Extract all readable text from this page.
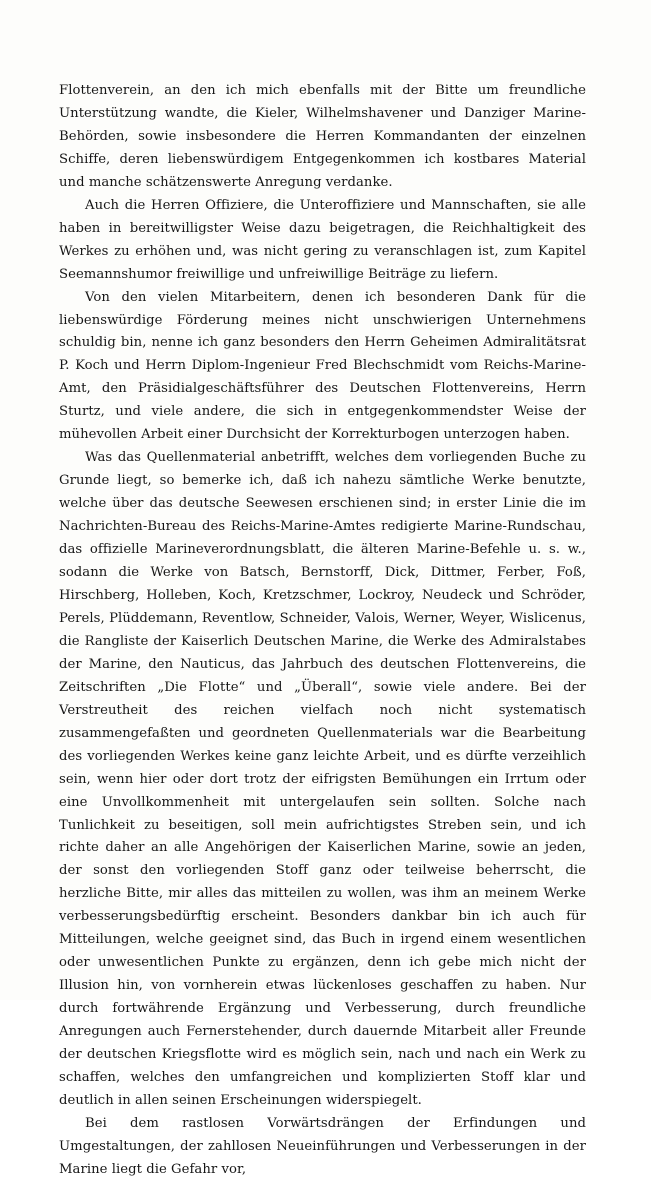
Flottenverein, an den ich mich ebenfalls mit der Bitte um freundliche Unterstützung wandte, die Kieler, Wilhelmshavener und Danziger Marine-Behörden, sowie insbesondere die Herren Kommandanten der einzelnen Schiffe, deren liebenswürdigem Entgegenkommen ich kostbares Material und manche schätzenswerte Anregung verdanke.

Auch die Herren Offiziere, die Unteroffiziere und Mannschaften, sie alle haben in bereitwilligster Weise dazu beigetragen, die Reichhaltigkeit des Werkes zu erhöhen und, was nicht gering zu veranschlagen ist, zum Kapitel Seemannshumor freiwillige und unfreiwillige Beiträge zu liefern.

Von den vielen Mitarbeitern, denen ich besonderen Dank für die liebenswürdige Förderung meines nicht unschwierigen Unternehmens schuldig bin, nenne ich ganz besonders den Herrn Geheimen Admiralitätsrat P. Koch und Herrn Diplom-Ingenieur Fred Blechschmidt vom Reichs-Marine-Amt, den Präsidialgeschäftsführer des Deutschen Flottenvereins, Herrn Sturtz, und viele andere, die sich in entgegenkommendster Weise der mühevollen Arbeit einer Durchsicht der Korrekturbogen unterzogen haben.

Was das Quellenmaterial anbetrifft, welches dem vorliegenden Buche zu Grunde liegt, so bemerke ich, daß ich nahezu sämtliche Werke benutzte, welche über das deutsche Seewesen erschienen sind; in erster Linie die im Nachrichten-Bureau des Reichs-Marine-Amtes redigierte Marine-Rundschau, das offizielle Marineverordnungsblatt, die älteren Marine-Befehle u. s. w., sodann die Werke von Batsch, Bernstorff, Dick, Dittmer, Ferber, Foß, Hirschberg, Holleben, Koch, Kretzschmer, Lockroy, Neudeck und Schröder, Perels, Plüddemann, Reventlow, Schneider, Valois, Werner, Weyer, Wislicenus, die Rangliste der Kaiserlich Deutschen Marine, die Werke des Admiralstabes der Marine, den Nauticus, das Jahrbuch des deutschen Flottenvereins, die Zeitschriften „Die Flotte“ und „Überall“, sowie viele andere. Bei der Verstreutheit des reichen vielfach noch nicht systematisch zusammengefaßten und geordneten Quellenmaterials war die Bearbeitung des vorliegenden Werkes keine ganz leichte Arbeit, und es dürfte verzeihlich sein, wenn hier oder dort trotz der eifrigsten Bemühungen ein Irrtum oder eine Unvollkommenheit mit untergelaufen sein sollten. Solche nach Tunlichkeit zu beseitigen, soll mein aufrichtigstes Streben sein, und ich richte daher an alle Angehörigen der Kaiserlichen Marine, sowie an jeden, der sonst den vorliegenden Stoff ganz oder teilweise beherrscht, die herzliche Bitte, mir alles das mitteilen zu wollen, was ihm an meinem Werke verbesserungsbedürftig erscheint. Besonders dankbar bin ich auch für Mitteilungen, welche geeignet sind, das Buch in irgend einem wesentlichen oder unwesentlichen Punkte zu ergänzen, denn ich gebe mich nicht der Illusion hin, von vornherein etwas lückenloses geschaffen zu haben. Nur durch fortwährende Ergänzung und Verbesserung, durch freundliche Anregungen auch Fernerstehender, durch dauernde Mitarbeit aller Freunde der deutschen Kriegsflotte wird es möglich sein, nach und nach ein Werk zu schaffen, welches den umfangreichen und komplizierten Stoff klar und deutlich in allen seinen Erscheinungen widerspiegelt.

Bei dem rastlosen Vorwärtsdrängen der Erfindungen und Umgestaltungen, der zahllosen Neueinführungen und Verbesserungen in der Marine liegt die Gefahr vor,
